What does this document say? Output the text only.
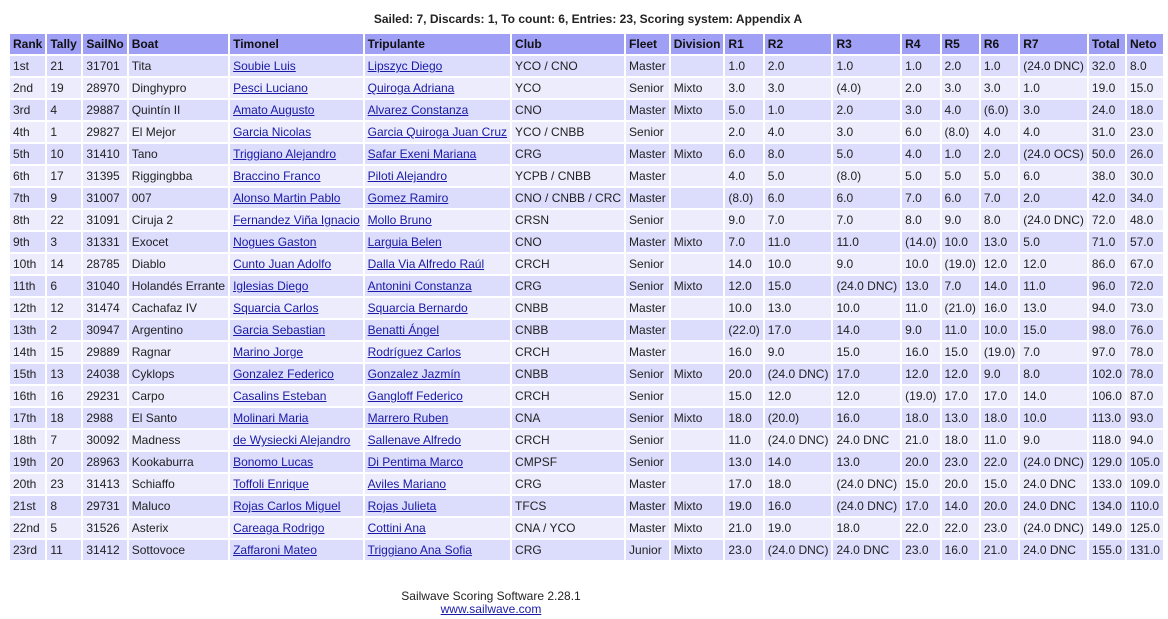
Sailed: 7, Discards: 1, To count: 6, Entries: 23, Scoring system: Appendix A
Rank	Tally	SailNo	Boat	Timonel	Tripulante	Club	Fleet	Division	R1	R2	R3	R4	R5	R6	R7	Total	Neto
1st	21	31701	Tita	Soubie Luis	Lipszyc Diego	YCO / CNO	Master		1.0	2.0	1.0	1.0	2.0	1.0	(24.0 DNC)	32.0	8.0
2nd	19	28970	Dinghypro	Pesci Luciano	Quiroga Adriana	YCO	Senior	Mixto	3.0	3.0	(4.0)	2.0	3.0	3.0	1.0	19.0	15.0
3rd	4	29887	Quintín II	Amato Augusto	Alvarez Constanza	CNO	Master	Mixto	5.0	1.0	2.0	3.0	4.0	(6.0)	3.0	24.0	18.0
4th	1	29827	El Mejor	Garcia Nicolas	Garcia Quiroga Juan Cruz	YCO / CNBB	Senior		2.0	4.0	3.0	6.0	(8.0)	4.0	4.0	31.0	23.0
5th	10	31410	Tano	Triggiano Alejandro	Safar Exeni Mariana	CRG	Master	Mixto	6.0	8.0	5.0	4.0	1.0	2.0	(24.0 OCS)	50.0	26.0
6th	17	31395	Riggingbba	Braccino Franco	Piloti Alejandro	YCPB / CNBB	Master		4.0	5.0	(8.0)	5.0	5.0	5.0	6.0	38.0	30.0
7th	9	31007	007	Alonso Martin Pablo	Gomez Ramiro	CNO / CNBB / CRC	Master		(8.0)	6.0	6.0	7.0	6.0	7.0	2.0	42.0	34.0
8th	22	31091	Ciruja 2	Fernandez Viña Ignacio	Mollo Bruno	CRSN	Senior		9.0	7.0	7.0	8.0	9.0	8.0	(24.0 DNC)	72.0	48.0
9th	3	31331	Exocet	Nogues Gaston	Larguia Belen	CNO	Master	Mixto	7.0	11.0	11.0	(14.0)	10.0	13.0	5.0	71.0	57.0
10th	14	28785	Diablo	Cunto Juan Adolfo	Dalla Via Alfredo Raúl	CRCH	Senior		14.0	10.0	9.0	10.0	(19.0)	12.0	12.0	86.0	67.0
11th	6	31040	Holandés Errante	Iglesias Diego	Antonini Constanza	CRG	Senior	Mixto	12.0	15.0	(24.0 DNC)	13.0	7.0	14.0	11.0	96.0	72.0
12th	12	31474	Cachafaz IV	Squarcia Carlos	Squarcia Bernardo	CNBB	Master		10.0	13.0	10.0	11.0	(21.0)	16.0	13.0	94.0	73.0
13th	2	30947	Argentino	Garcia Sebastian	Benatti Ángel	CNBB	Master		(22.0)	17.0	14.0	9.0	11.0	10.0	15.0	98.0	76.0
14th	15	29889	Ragnar	Marino Jorge	Rodríguez Carlos	CRCH	Master		16.0	9.0	15.0	16.0	15.0	(19.0)	7.0	97.0	78.0
15th	13	24038	Cyklops	Gonzalez Federico	Gonzalez Jazmín	CNBB	Senior	Mixto	20.0	(24.0 DNC)	17.0	12.0	12.0	9.0	8.0	102.0	78.0
16th	16	29231	Carpo	Casalins Esteban	Gangloff Federico	CRCH	Senior		15.0	12.0	12.0	(19.0)	17.0	17.0	14.0	106.0	87.0
17th	18	2988	El Santo	Molinari Maria	Marrero Ruben	CNA	Senior	Mixto	18.0	(20.0)	16.0	18.0	13.0	18.0	10.0	113.0	93.0
18th	7	30092	Madness	de Wysiecki Alejandro	Sallenave Alfredo	CRCH	Senior		11.0	(24.0 DNC)	24.0 DNC	21.0	18.0	11.0	9.0	118.0	94.0
19th	20	28963	Kookaburra	Bonomo Lucas	Di Pentima Marco	CMPSF	Senior		13.0	14.0	13.0	20.0	23.0	22.0	(24.0 DNC)	129.0	105.0
20th	23	31413	Schiaffo	Toffoli Enrique	Aviles Mariano	CRG	Master		17.0	18.0	(24.0 DNC)	15.0	20.0	15.0	24.0 DNC	133.0	109.0
21st	8	29731	Maluco	Rojas Carlos Miguel	Rojas Julieta	TFCS	Master	Mixto	19.0	16.0	(24.0 DNC)	17.0	14.0	20.0	24.0 DNC	134.0	110.0
22nd	5	31526	Asterix	Careaga Rodrigo	Cottini Ana	CNA / YCO	Master	Mixto	21.0	19.0	18.0	22.0	22.0	23.0	(24.0 DNC)	149.0	125.0
23rd	11	31412	Sottovoce	Zaffaroni Mateo	Triggiano Ana Sofia	CRG	Junior	Mixto	23.0	(24.0 DNC)	24.0 DNC	23.0	16.0	21.0	24.0 DNC	155.0	131.0
Sailwave Scoring Software 2.28.1
www.sailwave.com
